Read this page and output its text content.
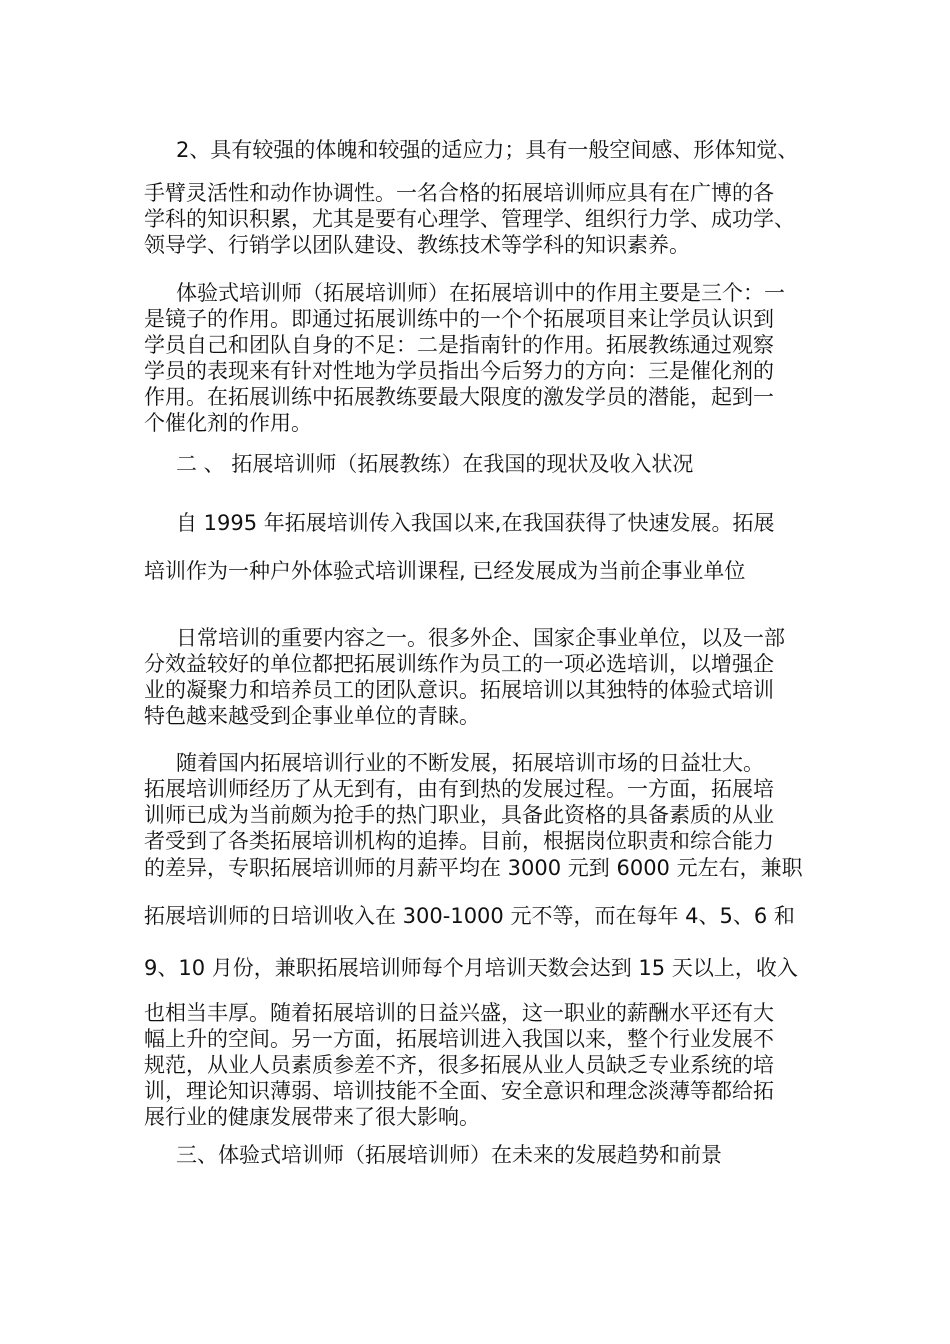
2、具有较强的体魄和较强的适应力；具有一般空间感、形体知觉、

手臂灵活性和动作协调性。一名合格的拓展培训师应具有在广博的各

学科的知识积累，尤其是要有心理学、管理学、组织行力学、成功学、

领导学、行销学以团队建设、教练技术等学科的知识素养。

体验式培训师（拓展培训师）在拓展培训中的作用主要是三个：一

是镜子的作用。即通过拓展训练中的一个个拓展项目来让学员认识到

学员自己和团队自身的不足：二是指南针的作用。拓展教练通过观察

学员的表现来有针对性地为学员指出今后努力的方向：三是催化剂的

作用。在拓展训练中拓展教练要最大限度的激发学员的潜能，起到一

个催化剂的作用。

二 、 拓展培训师（拓展教练）在我国的现状及收入状况

自 1995 年拓展培训传入我国以来,在我国获得了快速发展。拓展

培训作为一种户外体验式培训课程, 已经发展成为当前企事业单位

日常培训的重要内容之一。很多外企、国家企事业单位，以及一部

分效益较好的单位都把拓展训练作为员工的一项必选培训，以增强企

业的凝聚力和培养员工的团队意识。拓展培训以其独特的体验式培训

特色越来越受到企事业单位的青睐。

随着国内拓展培训行业的不断发展，拓展培训市场的日益壮大。

拓展培训师经历了从无到有，由有到热的发展过程。一方面，拓展培

训师已成为当前颇为抢手的热门职业，具备此资格的具备素质的从业

者受到了各类拓展培训机构的追捧。目前，根据岗位职责和综合能力

的差异，专职拓展培训师的月薪平均在 3000 元到 6000 元左右，兼职

拓展培训师的日培训收入在 300-1000 元不等，而在每年 4、5、6 和

9、10 月份，兼职拓展培训师每个月培训天数会达到 15 天以上，收入

也相当丰厚。随着拓展培训的日益兴盛，这一职业的薪酬水平还有大

幅上升的空间。另一方面，拓展培训进入我国以来，整个行业发展不

规范，从业人员素质参差不齐，很多拓展从业人员缺乏专业系统的培

训，理论知识薄弱、培训技能不全面、安全意识和理念淡薄等都给拓

展行业的健康发展带来了很大影响。

三、体验式培训师（拓展培训师）在未来的发展趋势和前景
